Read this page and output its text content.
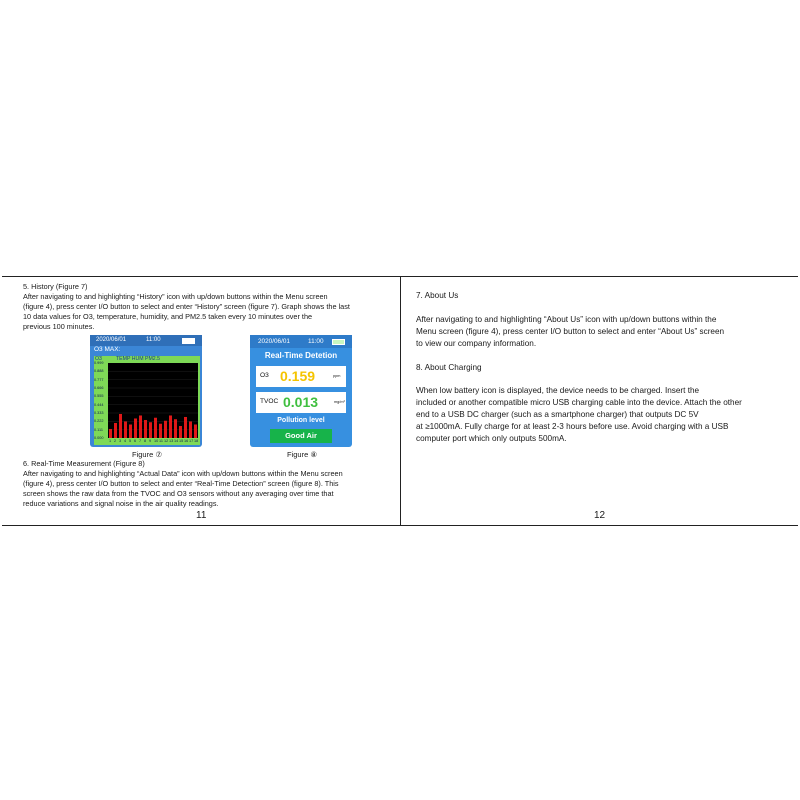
5. History (Figure 7)
After navigating to and highlighting “History” icon with up/down buttons within the Menu screen
(figure 4), press center I/O button to select and enter “History” screen (figure 7). Graph shows the last
10 data values for O3, temperature, humidity, and PM2.5 taken every 10 minutes over the
previous 100 minutes.
2020/06/01	11:00
O3 MAX:
O3	TEMP HUM PM2.5
0.999
0.888
0.777
0.666
0.555
0.444
0.333
0.222
0.111
0.000
1 2 3 4 5 6 7 8 9 10 11 12 13 14 15 16 17 18
Figure ⑦
2020/06/01	11:00
Real-Time Detetion
O3 0.159	ppm
TVOC 0.013	mg/m³
Pollution level
Good Air
Figure ⑧
6. Real-Time Measurement (Figure 8)
After navigating to and highlighting “Actual Data” icon with up/down buttons within the Menu screen
(figure 4), press center I/O button to select and enter “Real-Time Detection” screen (figure 8). This
screen shows the raw data from the TVOC and O3 sensors without any averaging over time that
reduce variations and signal noise in the air quality readings.
11
7. About Us
After navigating to and highlighting “About Us” icon with up/down buttons within the
Menu screen (figure 4), press center I/O button to select and enter “About Us” screen
to view our company information.
8. About Charging
When low battery icon is displayed, the device needs to be charged. Insert the
included or another compatible micro USB charging cable into the device. Attach the other
end to a USB DC charger (such as a smartphone charger) that outputs DC 5V
at ≥1000mA. Fully charge for at least 2-3 hours before use. Avoid charging with a USB
computer port which only outputs 500mA.
12
